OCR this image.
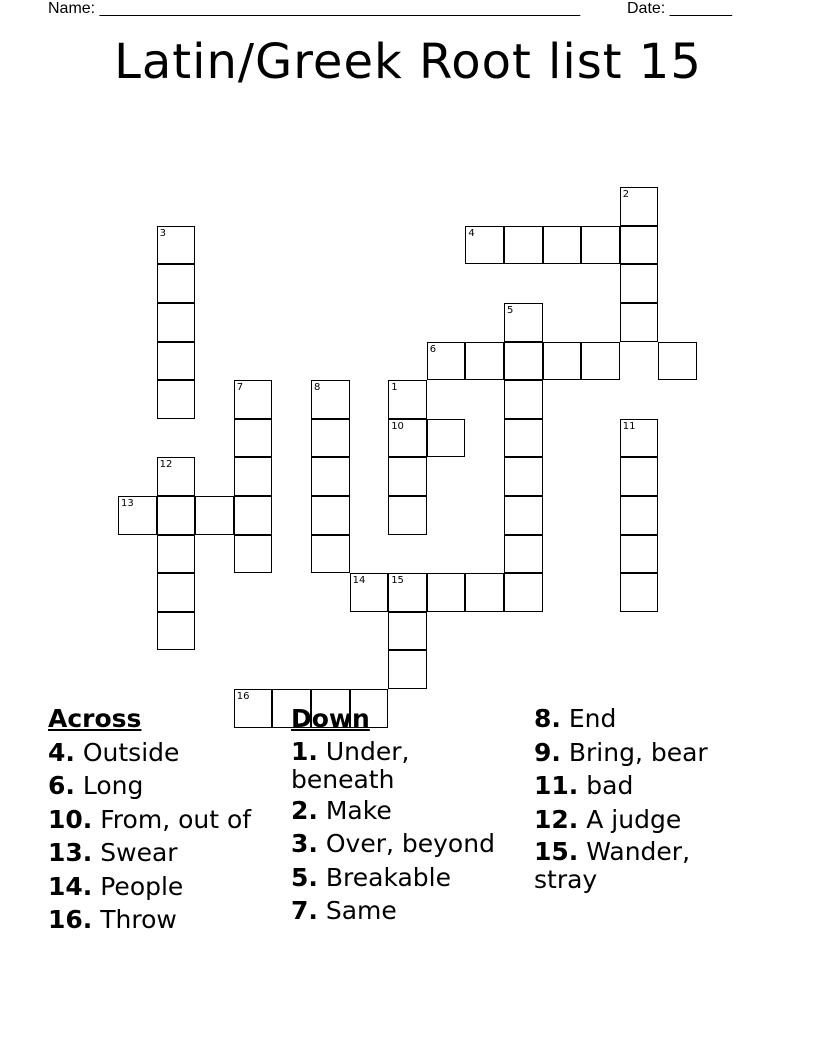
Name: ______________________________________________________	Date: _______
Latin/Greek Root list 15
1
10
2
3	4
5
6
7	8
11
12
13
14	15
16
Across
4. Outside
6. Long
10. From, out of
13. Swear
14. People
16. Throw
Down
1. Under,
beneath
2. Make
3. Over, beyond
5. Breakable
7. Same
8. End
9. Bring, bear
11. bad
12. A judge
15. Wander,
stray
